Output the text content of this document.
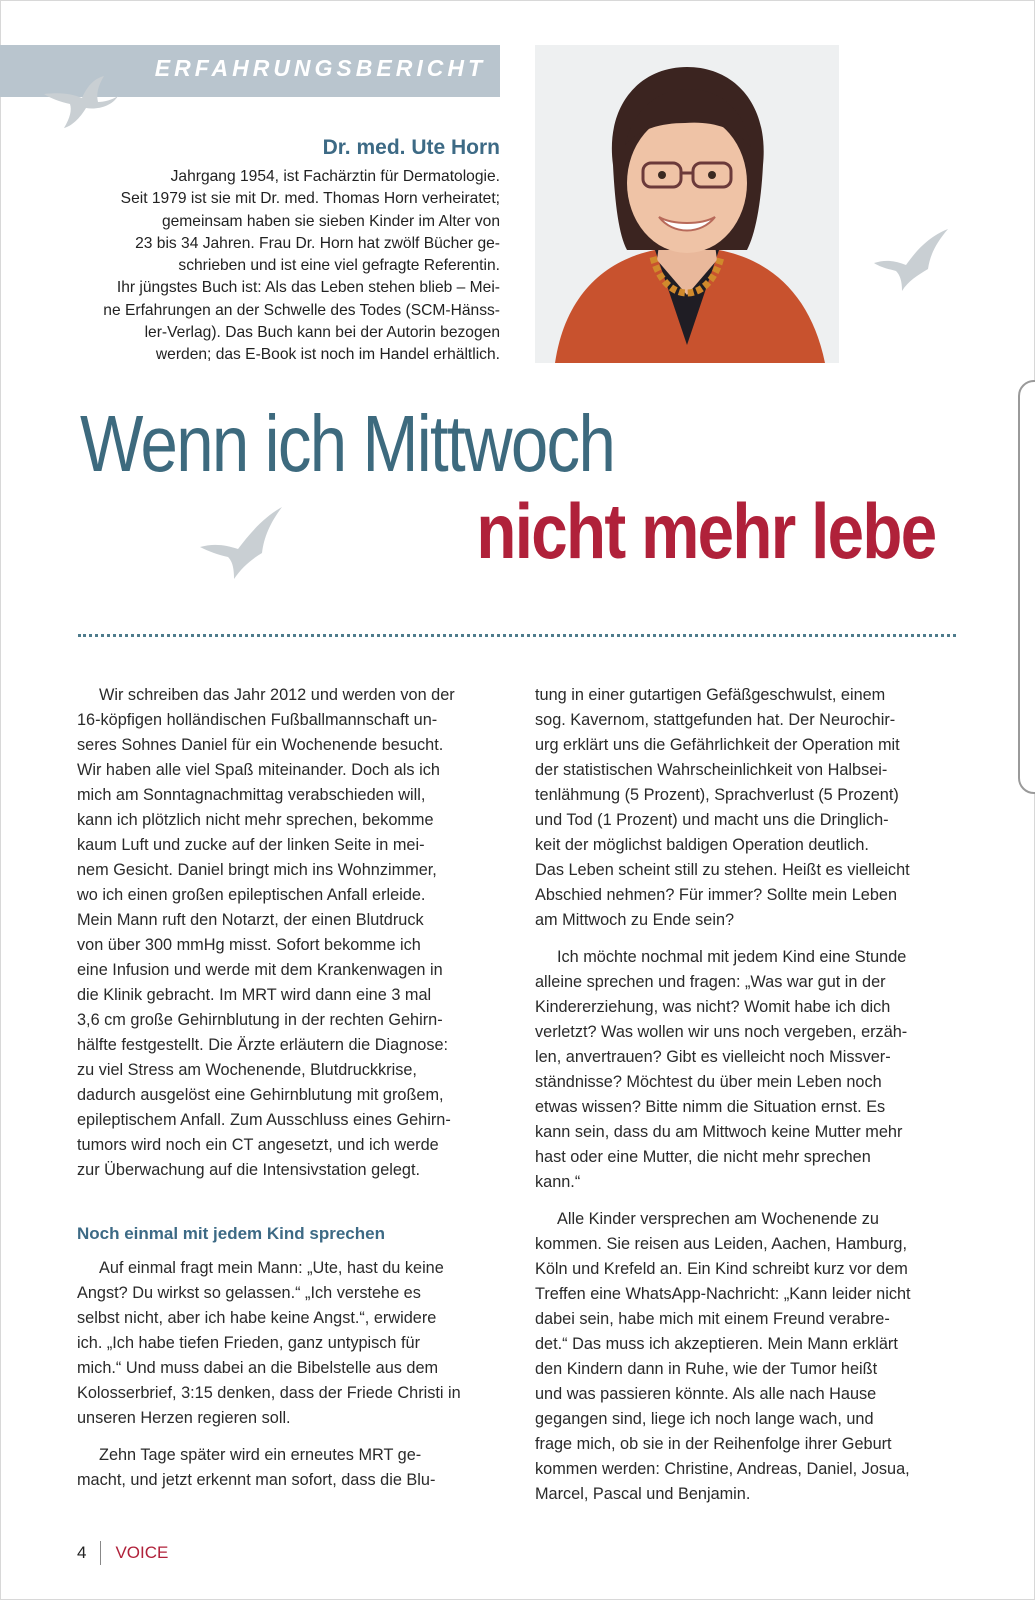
ERFAHRUNGSBERICHT

Dr. med. Ute Horn

Jahrgang 1954, ist Fachärztin für Dermatologie.
Seit 1979 ist sie mit Dr. med. Thomas Horn verheiratet;
gemeinsam haben sie sieben Kinder im Alter von
23 bis 34 Jahren. Frau Dr. Horn hat zwölf Bücher ge-
schrieben und ist eine viel gefragte Referentin.
Ihr jüngstes Buch ist: Als das Leben stehen blieb – Mei-
ne Erfahrungen an der Schwelle des Todes (SCM-Hänss-
ler-Verlag). Das Buch kann bei der Autorin bezogen
werden; das E-Book ist noch im Handel erhältlich.

Wenn ich Mittwoch
nicht mehr lebe
Wir schreiben das Jahr 2012 und werden von der
16-köpfigen holländischen Fußballmannschaft un-
seres Sohnes Daniel für ein Wochenende besucht.
Wir haben alle viel Spaß miteinander. Doch als ich
mich am Sonntagnachmittag verabschieden will,
kann ich plötzlich nicht mehr sprechen, bekomme
kaum Luft und zucke auf der linken Seite in mei-
nem Gesicht. Daniel bringt mich ins Wohnzimmer,
wo ich einen großen epileptischen Anfall erleide.
Mein Mann ruft den Notarzt, der einen Blutdruck
von über 300 mmHg misst. Sofort bekomme ich
eine Infusion und werde mit dem Krankenwagen in
die Klinik gebracht. Im MRT wird dann eine 3 mal
3,6 cm große Gehirnblutung in der rechten Gehirn-
hälfte festgestellt. Die Ärzte erläutern die Diagnose:
zu viel Stress am Wochenende, Blutdruckkrise,
dadurch ausgelöst eine Gehirnblutung mit großem,
epileptischem Anfall. Zum Ausschluss eines Gehirn-
tumors wird noch ein CT angesetzt, und ich werde
zur Überwachung auf die Intensivstation gelegt.
Noch einmal mit jedem Kind sprechen
Auf einmal fragt mein Mann: „Ute, hast du keine
Angst? Du wirkst so gelassen.“ „Ich verstehe es
selbst nicht, aber ich habe keine Angst.“, erwidere
ich. „Ich habe tiefen Frieden, ganz untypisch für
mich.“ Und muss dabei an die Bibelstelle aus dem
Kolosserbrief, 3:15 denken, dass der Friede Christi in
unseren Herzen regieren soll.
Zehn Tage später wird ein erneutes MRT ge-
macht, und jetzt erkennt man sofort, dass die Blu-
tung in einer gutartigen Gefäßgeschwulst, einem
sog. Kavernom, stattgefunden hat. Der Neurochir-
urg erklärt uns die Gefährlichkeit der Operation mit
der statistischen Wahrscheinlichkeit von Halbsei-
tenlähmung (5 Prozent), Sprachverlust (5 Prozent)
und Tod (1 Prozent) und macht uns die Dringlich-
keit der möglichst baldigen Operation deutlich.
Das Leben scheint still zu stehen. Heißt es vielleicht
Abschied nehmen? Für immer? Sollte mein Leben
am Mittwoch zu Ende sein?
Ich möchte nochmal mit jedem Kind eine Stunde
alleine sprechen und fragen: „Was war gut in der
Kindererziehung, was nicht? Womit habe ich dich
verletzt? Was wollen wir uns noch vergeben, erzäh-
len, anvertrauen? Gibt es vielleicht noch Missver-
ständnisse? Möchtest du über mein Leben noch
etwas wissen? Bitte nimm die Situation ernst. Es
kann sein, dass du am Mittwoch keine Mutter mehr
hast oder eine Mutter, die nicht mehr sprechen
kann.“
Alle Kinder versprechen am Wochenende zu
kommen. Sie reisen aus Leiden, Aachen, Hamburg,
Köln und Krefeld an. Ein Kind schreibt kurz vor dem
Treffen eine WhatsApp-Nachricht: „Kann leider nicht
dabei sein, habe mich mit einem Freund verabre-
det.“ Das muss ich akzeptieren. Mein Mann erklärt
den Kindern dann in Ruhe, wie der Tumor heißt
und was passieren könnte. Als alle nach Hause
gegangen sind, liege ich noch lange wach, und
frage mich, ob sie in der Reihenfolge ihrer Geburt
kommen werden: Christine, Andreas, Daniel, Josua,
Marcel, Pascal und Benjamin.
4 VOICE
